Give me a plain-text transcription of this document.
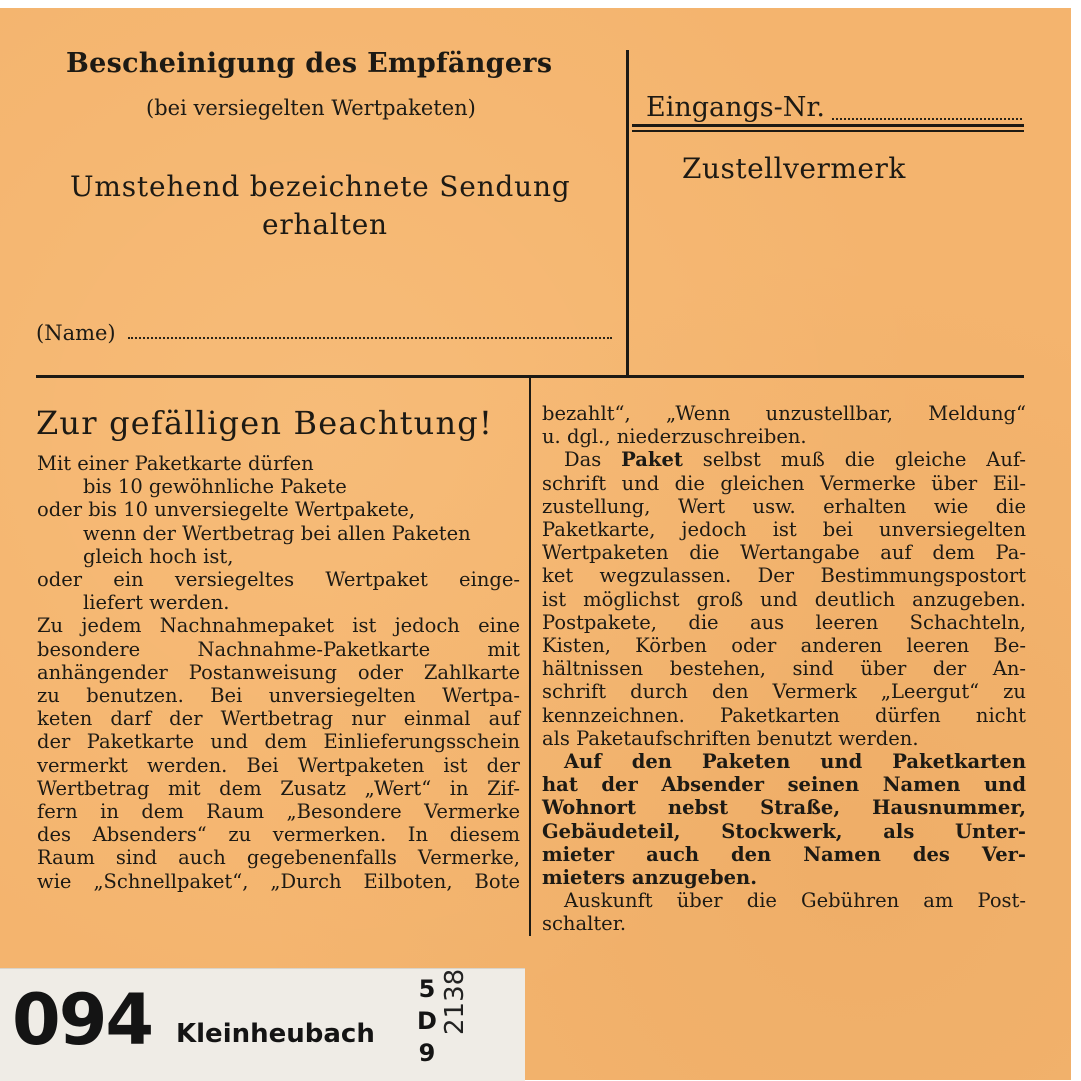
Bescheinigung des Empfängers
(bei versiegelten Wertpaketen)
Umstehend bezeichnete Sendung
erhalten
(Name)
Eingangs-Nr.
Zustellvermerk
Zur gefälligen Beachtung!

Mit einer Paketkarte dürfen

bis 10 gewöhnliche Pakete

oder bis 10 unversiegelte Wertpakete,

wenn der Wertbetrag bei allen Paketen

gleich hoch ist,

oder ein versiegeltes Wertpaket einge-

liefert werden.

Zu jedem Nachnahmepaket ist jedoch eine

besondere Nachnahme-Paketkarte mit

anhängender Postanweisung oder Zahlkarte

zu benutzen. Bei unversiegelten Wertpa-

keten darf der Wertbetrag nur einmal auf

der Paketkarte und dem Einlieferungsschein

vermerkt werden. Bei Wertpaketen ist der

Wertbetrag mit dem Zusatz „Wert“ in Zif-

fern in dem Raum „Besondere Vermerke

des Absenders“ zu vermerken. In diesem

Raum sind auch gegebenenfalls Vermerke,

wie „Schnellpaket“, „Durch Eilboten, Bote

bezahlt“, „Wenn unzustellbar, Meldung“

u. dgl., niederzuschreiben.

Das Paket selbst muß die gleiche Auf-

schrift und die gleichen Vermerke über Eil-

zustellung, Wert usw. erhalten wie die

Paketkarte, jedoch ist bei unversiegelten

Wertpaketen die Wertangabe auf dem Pa-

ket wegzulassen. Der Bestimmungspostort

ist möglichst groß und deutlich anzugeben.

Postpakete, die aus leeren Schachteln,

Kisten, Körben oder anderen leeren Be-

hältnissen bestehen, sind über der An-

schrift durch den Vermerk „Leergut“ zu

kennzeichnen. Paketkarten dürfen nicht

als Paketaufschriften benutzt werden.

Auf den Paketen und Paketkarten

hat der Absender seinen Namen und

Wohnort nebst Straße, Hausnummer,

Gebäudeteil, Stockwerk, als Unter-

mieter auch den Namen des Ver-

mieters anzugeben.

Auskunft über die Gebühren am Post-

schalter.

094 Kleinheubach
5
D
9
2138
